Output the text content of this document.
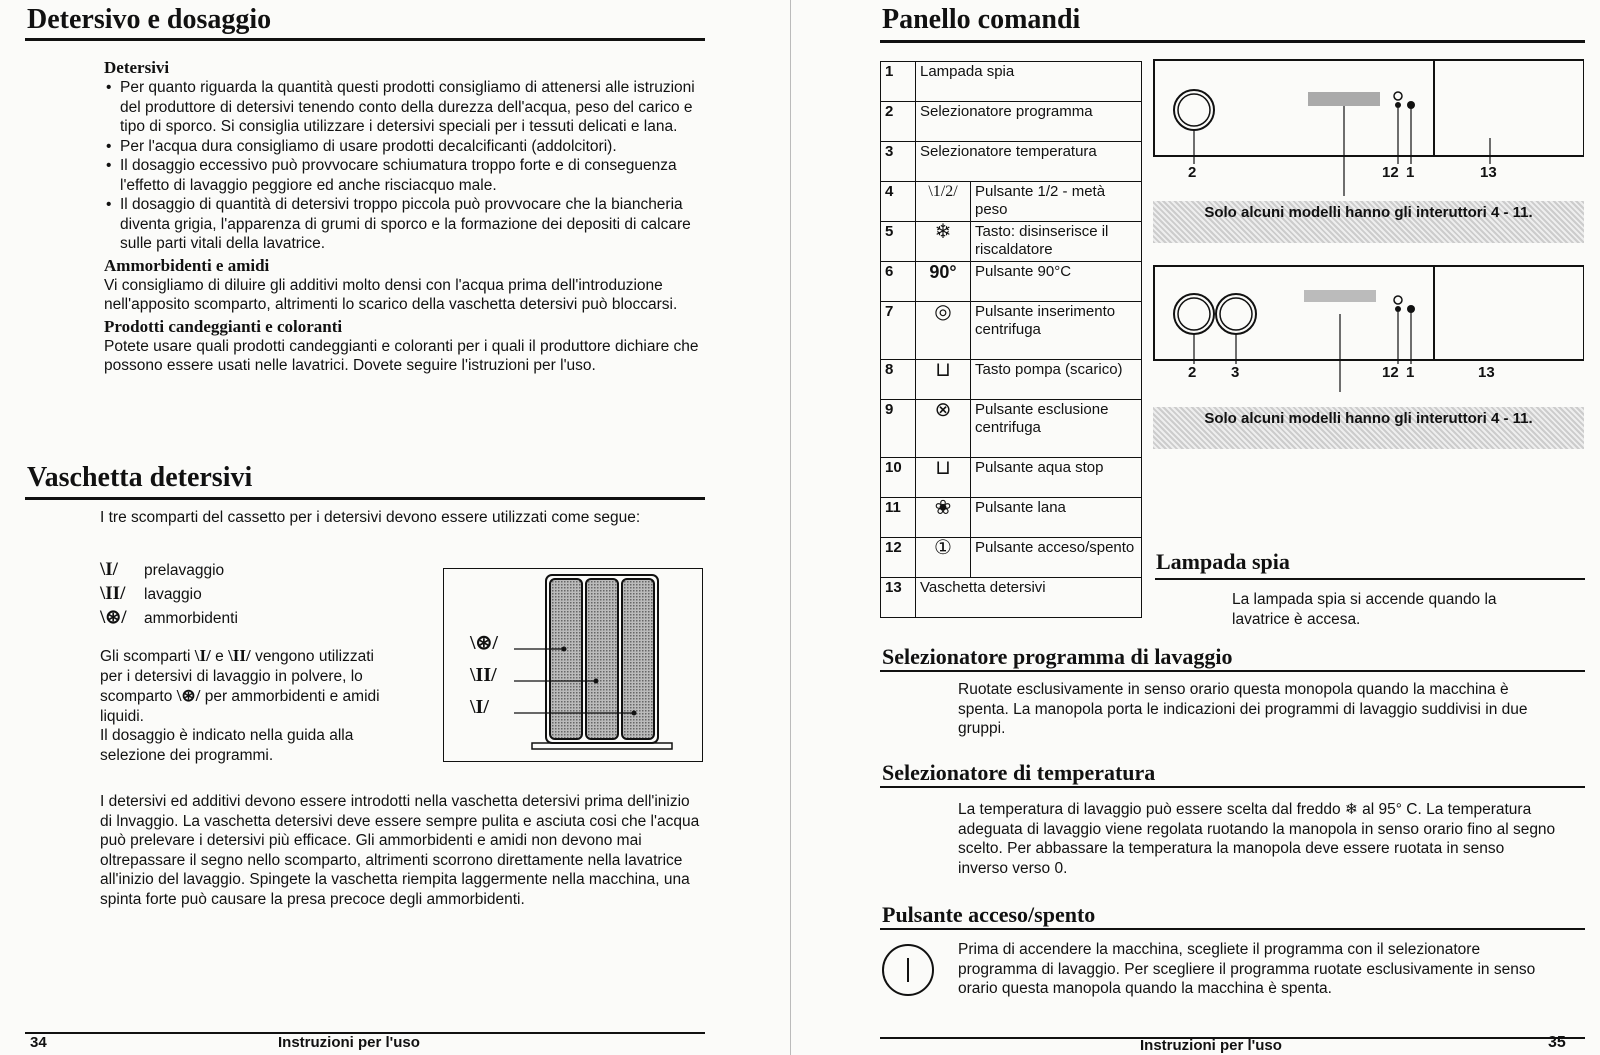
Detersivo e dosaggio
Detersivi
• Per quanto riguarda la quantità questi prodotti consigliamo di attenersi alle istruzioni del produttore di detersivi tenendo conto della durezza dell'acqua, peso del carico e tipo di sporco. Si consiglia utilizzare i detersivi speciali per i tessuti delicati e lana.
• Per l'acqua dura consigliamo di usare prodotti decalcificanti (addolcitori).
• Il dosaggio eccessivo può provvocare schiumatura troppo forte e di conseguenza l'effetto di lavaggio peggiore ed anche risciacquo male.
• Il dosaggio di quantità di detersivi troppo piccola può provvocare che la biancheria diventa grigia, l'apparenza di grumi di sporco e la formazione dei depositi di calcare sulle parti vitali della lavatrice.
Ammorbidenti e amidi
Vi consigliamo di diluire gli additivi molto densi con l'acqua prima dell'introduzione nell'apposito scomparto, altrimenti lo scarico della vaschetta detersivi può bloccarsi.
Prodotti candeggianti e coloranti
Potete usare quali prodotti candeggianti e coloranti per i quali il produttore dichiare che possono essere usati nelle lavatrici. Dovete seguire l'istruzioni per l'uso.
Vaschetta detersivi
I tre scomparti del cassetto per i detersivi devono essere utilizzati come segue:
\I/ prelavaggio
\II/ lavaggio
\⊛/ ammorbidenti
Gli scomparti \I/ e \II/ vengono utilizzati per i detersivi di lavaggio in polvere, lo scomparto \⊛/ per ammorbidenti e amidi liquidi.
Il dosaggio è indicato nella guida alla selezione dei programmi.
\⊛/
\II/
\I/
I detersivi ed additivi devono essere introdotti nella vaschetta detersivi prima dell'inizio di lnvaggio. La vaschetta detersivi deve essere sempre pulita e asciuta cosi che l'acqua può prelevare i detersivi più efficace. Gli ammorbidenti e amidi non devono mai oltrepassare il segno nello scomparto, altrimenti scorrono direttamente nella lavatrice all'inizio del lavaggio. Spingete la vaschetta riempita laggermente nella macchina, una spinta forte può causare la presa precoce degli ammorbidenti.
34	Instruzioni per l'uso
Panello comandi
1	Lampada spia	
2	Selezionatore programma	
3	Selezionatore temperatura	
4	\1/2/	Pulsante 1/2 - metà peso
5	❄	Tasto: disinserisce il riscaldatore
6	90°	Pulsante 90°C
7	◎	Pulsante inserimento centrifuga
8	⊔	Tasto pompa (scarico)
9	⊗	Pulsante esclusione centrifuga
10	⊔	Pulsante aqua stop
11	❀	Pulsante lana
12	①	Pulsante acceso/spento
13	Vaschetta detersivi	
2	12 1	13
Solo alcuni modelli hanno gli interuttori 4 - 11.
2 3	12 1	13
Solo alcuni modelli hanno gli interuttori 4 - 11.
Lampada spia
La lampada spia si accende quando la lavatrice è accesa.
Selezionatore programma di lavaggio
Ruotate esclusivamente in senso orario questa monopola quando la macchina è spenta. La manopola porta le indicazioni dei programmi di lavaggio suddivisi in due gruppi.
Selezionatore di temperatura
La temperatura di lavaggio può essere scelta dal freddo ❄ al 95° C. La temperatura adeguata di lavaggio viene regolata ruotando la manopola in senso orario fino al segno scelto. Per abbassare la temperatura la manopola deve essere ruotata in senso inverso verso 0.
Pulsante acceso/spento
Prima di accendere la macchina, scegliete il programma con il selezionatore programma di lavaggio. Per scegliere il programma ruotate esclusivamente in senso orario questa manopola quando la macchina è spenta.
Instruzioni per l'uso	35
